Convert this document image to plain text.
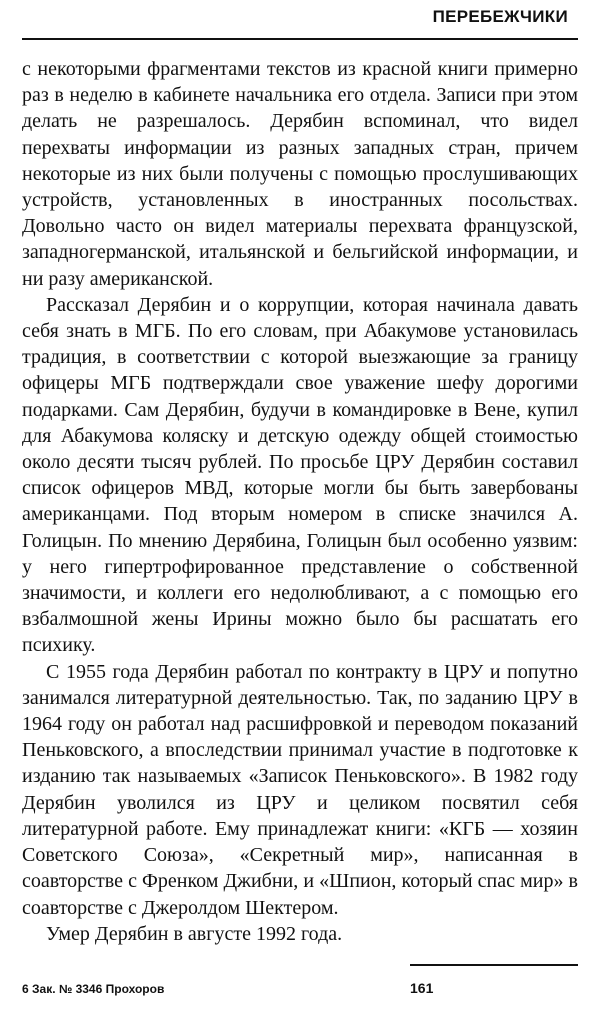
ПЕРЕБЕЖЧИКИ

с некоторыми фрагментами текстов из красной книги примерно раз в неделю в кабинете начальника его отдела. Записи при этом делать не разрешалось. Дерябин вспоминал, что видел перехваты информации из разных западных стран, причем некоторые из них были получены с помощью прослушивающих устройств, установленных в иностранных посольствах. Довольно часто он видел материалы перехвата французской, западногерманской, итальянской и бельгийской информации, и ни разу американской.

Рассказал Дерябин и о коррупции, которая начинала давать себя знать в МГБ. По его словам, при Абакумове установилась традиция, в соответствии с которой выезжающие за границу офицеры МГБ подтверждали свое уважение шефу дорогими подарками. Сам Дерябин, будучи в командировке в Вене, купил для Абакумова коляску и детскую одежду общей стоимостью около десяти тысяч рублей. По просьбе ЦРУ Дерябин составил список офицеров МВД, которые могли бы быть завербованы американцами. Под вторым номером в списке значился А. Голицын. По мнению Дерябина, Голицын был особенно уязвим: у него гипертрофированное представление о собственной значимости, и коллеги его недолюбливают, а с помощью его взбалмошной жены Ирины можно было бы расшатать его психику.

С 1955 года Дерябин работал по контракту в ЦРУ и попутно занимался литературной деятельностью. Так, по заданию ЦРУ в 1964 году он работал над расшифровкой и переводом показаний Пеньковского, а впоследствии принимал участие в подготовке к изданию так называемых «Записок Пеньковского». В 1982 году Дерябин уволился из ЦРУ и целиком посвятил себя литературной работе. Ему принадлежат книги: «КГБ — хозяин Советского Союза», «Секретный мир», написанная в соавторстве с Френком Джибни, и «Шпион, который спас мир» в соавторстве с Джеролдом Шектером.

Умер Дерябин в августе 1992 года.

6 Зак. № 3346 Прохоров	161
